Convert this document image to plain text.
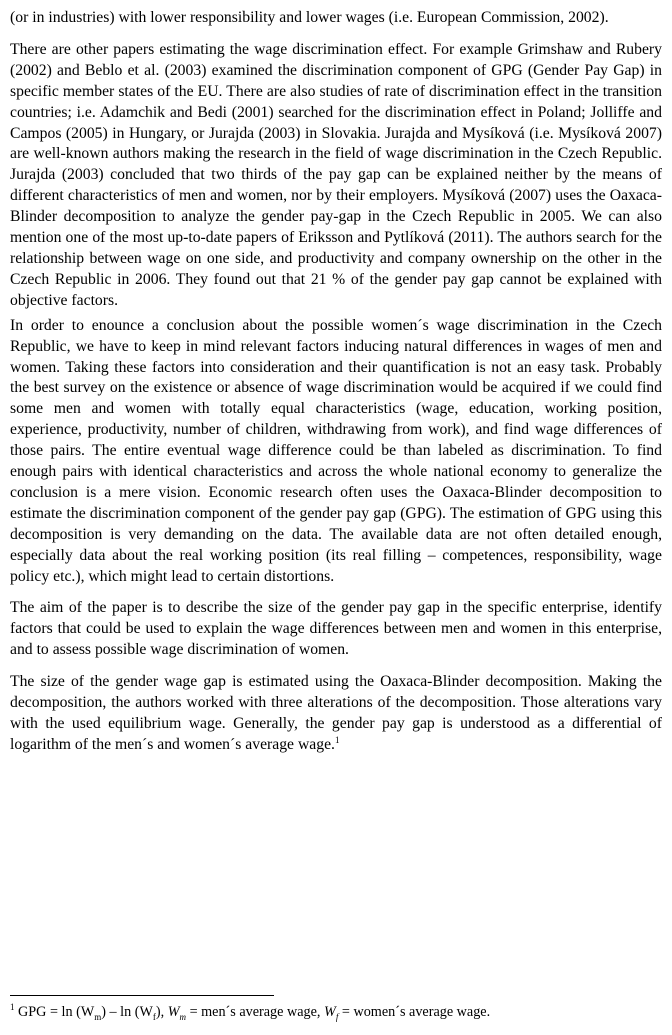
(or in industries) with lower responsibility and lower wages (i.e. European Commission, 2002).

There are other papers estimating the wage discrimination effect. For example Grimshaw and Rubery (2002) and Beblo et al. (2003) examined the discrimination component of GPG (Gender Pay Gap) in specific member states of the EU. There are also studies of rate of discrimination effect in the transition countries; i.e. Adamchik and Bedi (2001) searched for the discrimination effect in Poland; Jolliffe and Campos (2005) in Hungary, or Jurajda (2003) in Slovakia. Jurajda and Mysíková (i.e. Mysíková 2007) are well-known authors making the research in the field of wage discrimination in the Czech Republic. Jurajda (2003) concluded that two thirds of the pay gap can be explained neither by the means of different characteristics of men and women, nor by their employers. Mysíková (2007) uses the Oaxaca-Blinder decomposition to analyze the gender pay-gap in the Czech Republic in 2005. We can also mention one of the most up-to-date papers of Eriksson and Pytlíková (2011). The authors search for the relationship between wage on one side, and productivity and company ownership on the other in the Czech Republic in 2006. They found out that 21 % of the gender pay gap cannot be explained with objective factors.

In order to enounce a conclusion about the possible women´s wage discrimination in the Czech Republic, we have to keep in mind relevant factors inducing natural differences in wages of men and women. Taking these factors into consideration and their quantification is not an easy task. Probably the best survey on the existence or absence of wage discrimination would be acquired if we could find some men and women with totally equal characteristics (wage, education, working position, experience, productivity, number of children, withdrawing from work), and find wage differences of those pairs. The entire eventual wage difference could be than labeled as discrimination. To find enough pairs with identical characteristics and across the whole national economy to generalize the conclusion is a mere vision. Economic research often uses the Oaxaca-Blinder decomposition to estimate the discrimination component of the gender pay gap (GPG). The estimation of GPG using this decomposition is very demanding on the data. The available data are not often detailed enough, especially data about the real working position (its real filling – competences, responsibility, wage policy etc.), which might lead to certain distortions.

The aim of the paper is to describe the size of the gender pay gap in the specific enterprise, identify factors that could be used to explain the wage differences between men and women in this enterprise, and to assess possible wage discrimination of women.

The size of the gender wage gap is estimated using the Oaxaca-Blinder decomposition. Making the decomposition, the authors worked with three alterations of the decomposition. Those alterations vary with the used equilibrium wage. Generally, the gender pay gap is understood as a differential of logarithm of the men´s and women´s average wage.$^1$

$^1$ GPG = $\ln (W_m)$ – $\ln (W_f)$, $W_m$ = men´s average wage, $W_f$ = women´s average wage.
